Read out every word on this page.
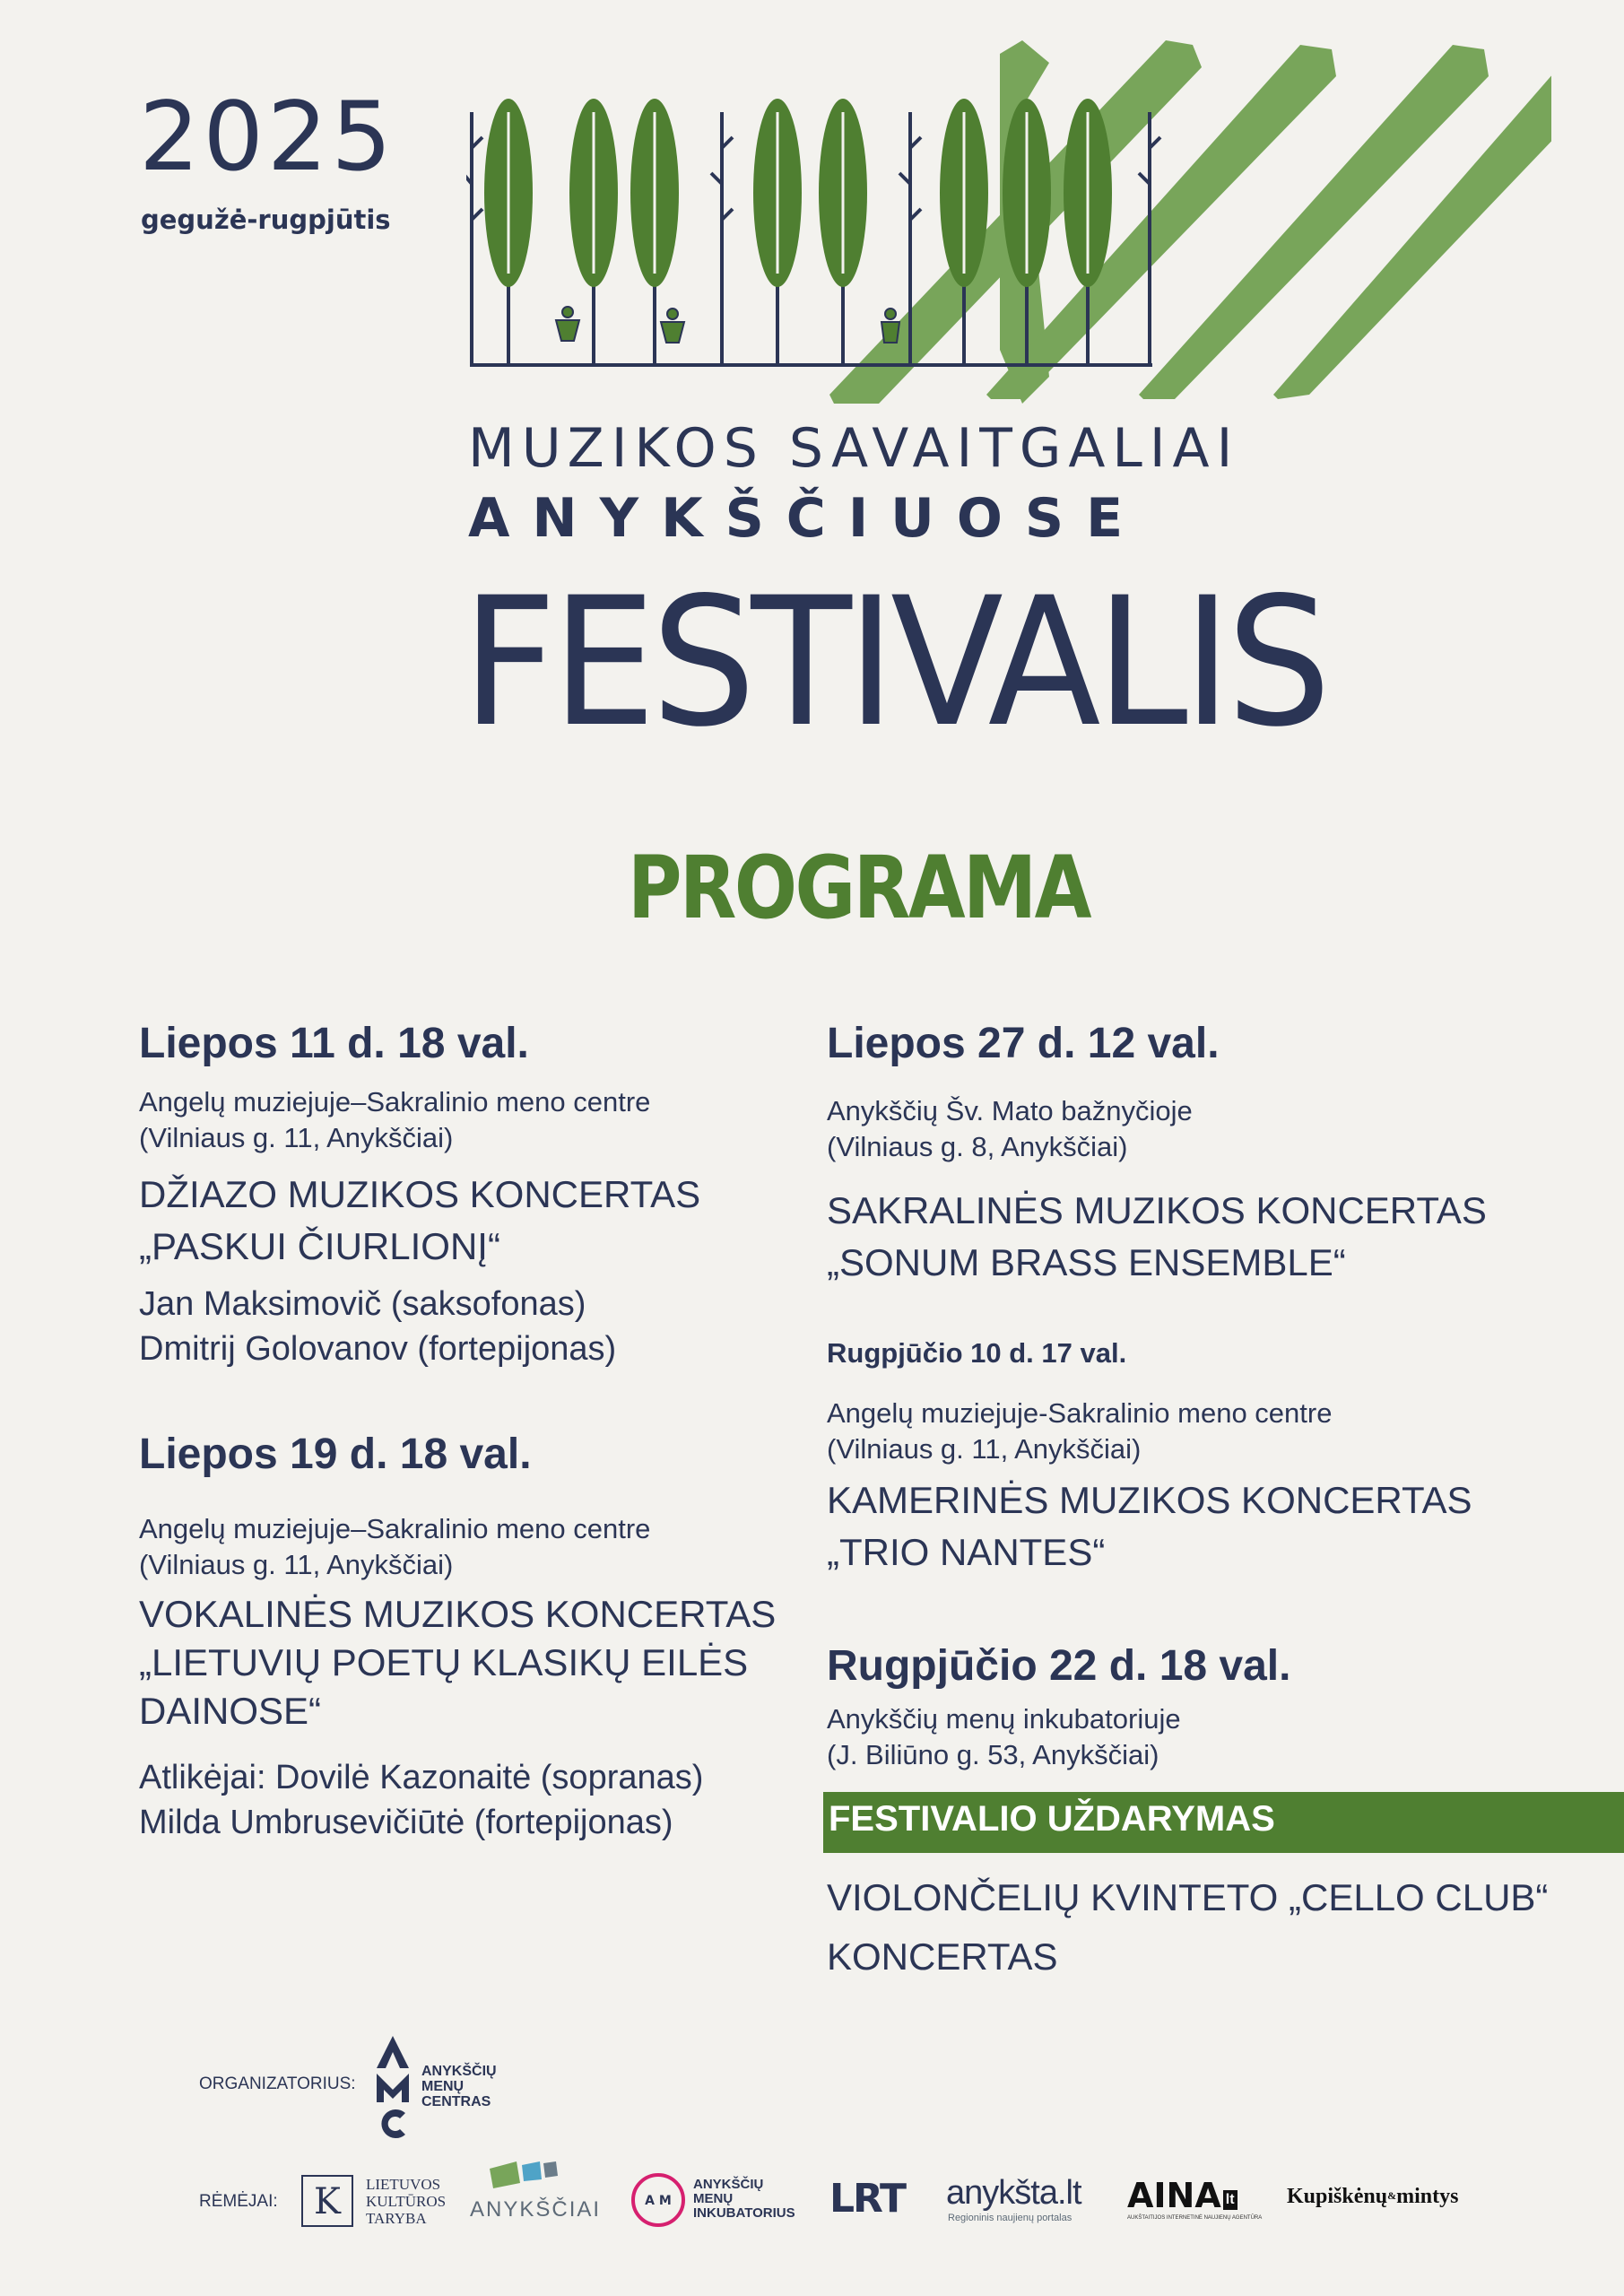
2025
gegužė-rugpjūtis
MUZIKOS SAVAITGALIAI
ANYKŠČIUOSE
FESTIVALIS
PROGRAMA
Liepos 11 d. 18 val.
Angelų muziejuje–Sakralinio meno centre
(Vilniaus g. 11, Anykščiai)
DŽIAZO MUZIKOS KONCERTAS
„PASKUI ČIURLIONĮ“
Jan Maksimovič (saksofonas)
Dmitrij Golovanov (fortepijonas)
Liepos 19 d. 18 val.
Angelų muziejuje–Sakralinio meno centre
(Vilniaus g. 11, Anykščiai)
VOKALINĖS MUZIKOS KONCERTAS
„LIETUVIŲ POETŲ KLASIKŲ EILĖS
DAINOSE“
Atlikėjai: Dovilė Kazonaitė (sopranas)
Milda Umbrusevičiūtė (fortepijonas)
Liepos 27 d. 12 val.
Anykščių Šv. Mato bažnyčioje
(Vilniaus g. 8, Anykščiai)
SAKRALINĖS MUZIKOS KONCERTAS
„SONUM BRASS ENSEMBLE“
Rugpjūčio 10 d. 17 val.
Angelų muziejuje-Sakralinio meno centre
(Vilniaus g. 11, Anykščiai)
KAMERINĖS MUZIKOS KONCERTAS
„TRIO NANTES“
Rugpjūčio 22 d. 18 val.
Anykščių menų inkubatoriuje
(J. Biliūno g. 53, Anykščiai)
FESTIVALIO UŽDARYMAS
VIOLONČELIŲ KVINTETO „CELLO CLUB“
KONCERTAS
ORGANIZATORIUS:
ANYKŠČIŲ
MENŲ
CENTRAS
RĖMĖJAI: K LIETUVOS
KULTŪROS
TARYBA	ANYKŠČIAI	A M
ANYKŠČIŲ
MENŲ
INKUBATORIUS LRT anykšta.lt
Regioninis naujienų portalas
AINA lt
AUKŠTAITIJOS INTERNETINĖ NAUJIENŲ AGENTŪRA
Kupiškėnų&mintys
